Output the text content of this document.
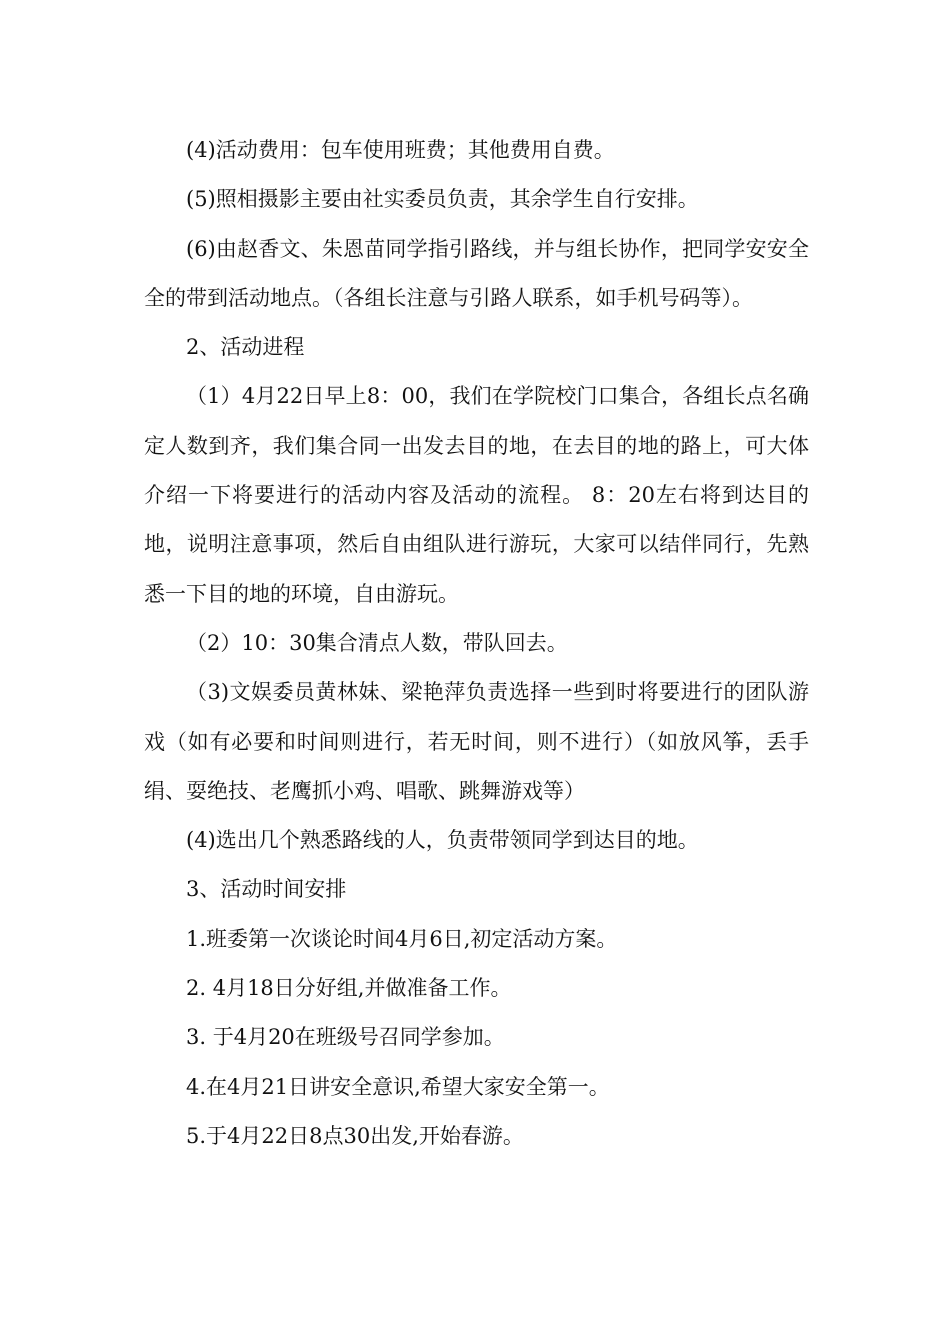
(4)活动费用：包车使用班费；其他费用自费。

(5)照相摄影主要由社实委员负责，其余学生自行安排。

(6)由赵香文、朱恩苗同学指引路线，并与组长协作，把同学安安全全的带到活动地点。（各组长注意与引路人联系，如手机号码等）。

2、活动进程

（1）4月22日早上8：00，我们在学院校门口集合，各组长点名确定人数到齐，我们集合同一出发去目的地，在去目的地的路上，可大体介绍一下将要进行的活动内容及活动的流程。 8：20左右将到达目的地，说明注意事项，然后自由组队进行游玩，大家可以结伴同行，先熟悉一下目的地的环境，自由游玩。

（2）10：30集合清点人数，带队回去。

（3)文娱委员黄林妹、梁艳萍负责选择一些到时将要进行的团队游戏（如有必要和时间则进行，若无时间，则不进行）（如放风筝，丢手绢、耍绝技、老鹰抓小鸡、唱歌、跳舞游戏等）

(4)选出几个熟悉路线的人，负责带领同学到达目的地。

3、活动时间安排

1.班委第一次谈论时间4月6日,初定活动方案。

2. 4月18日分好组,并做准备工作。

3. 于4月20在班级号召同学参加。

4.在4月21日讲安全意识,希望大家安全第一。

5.于4月22日8点30出发,开始春游。
